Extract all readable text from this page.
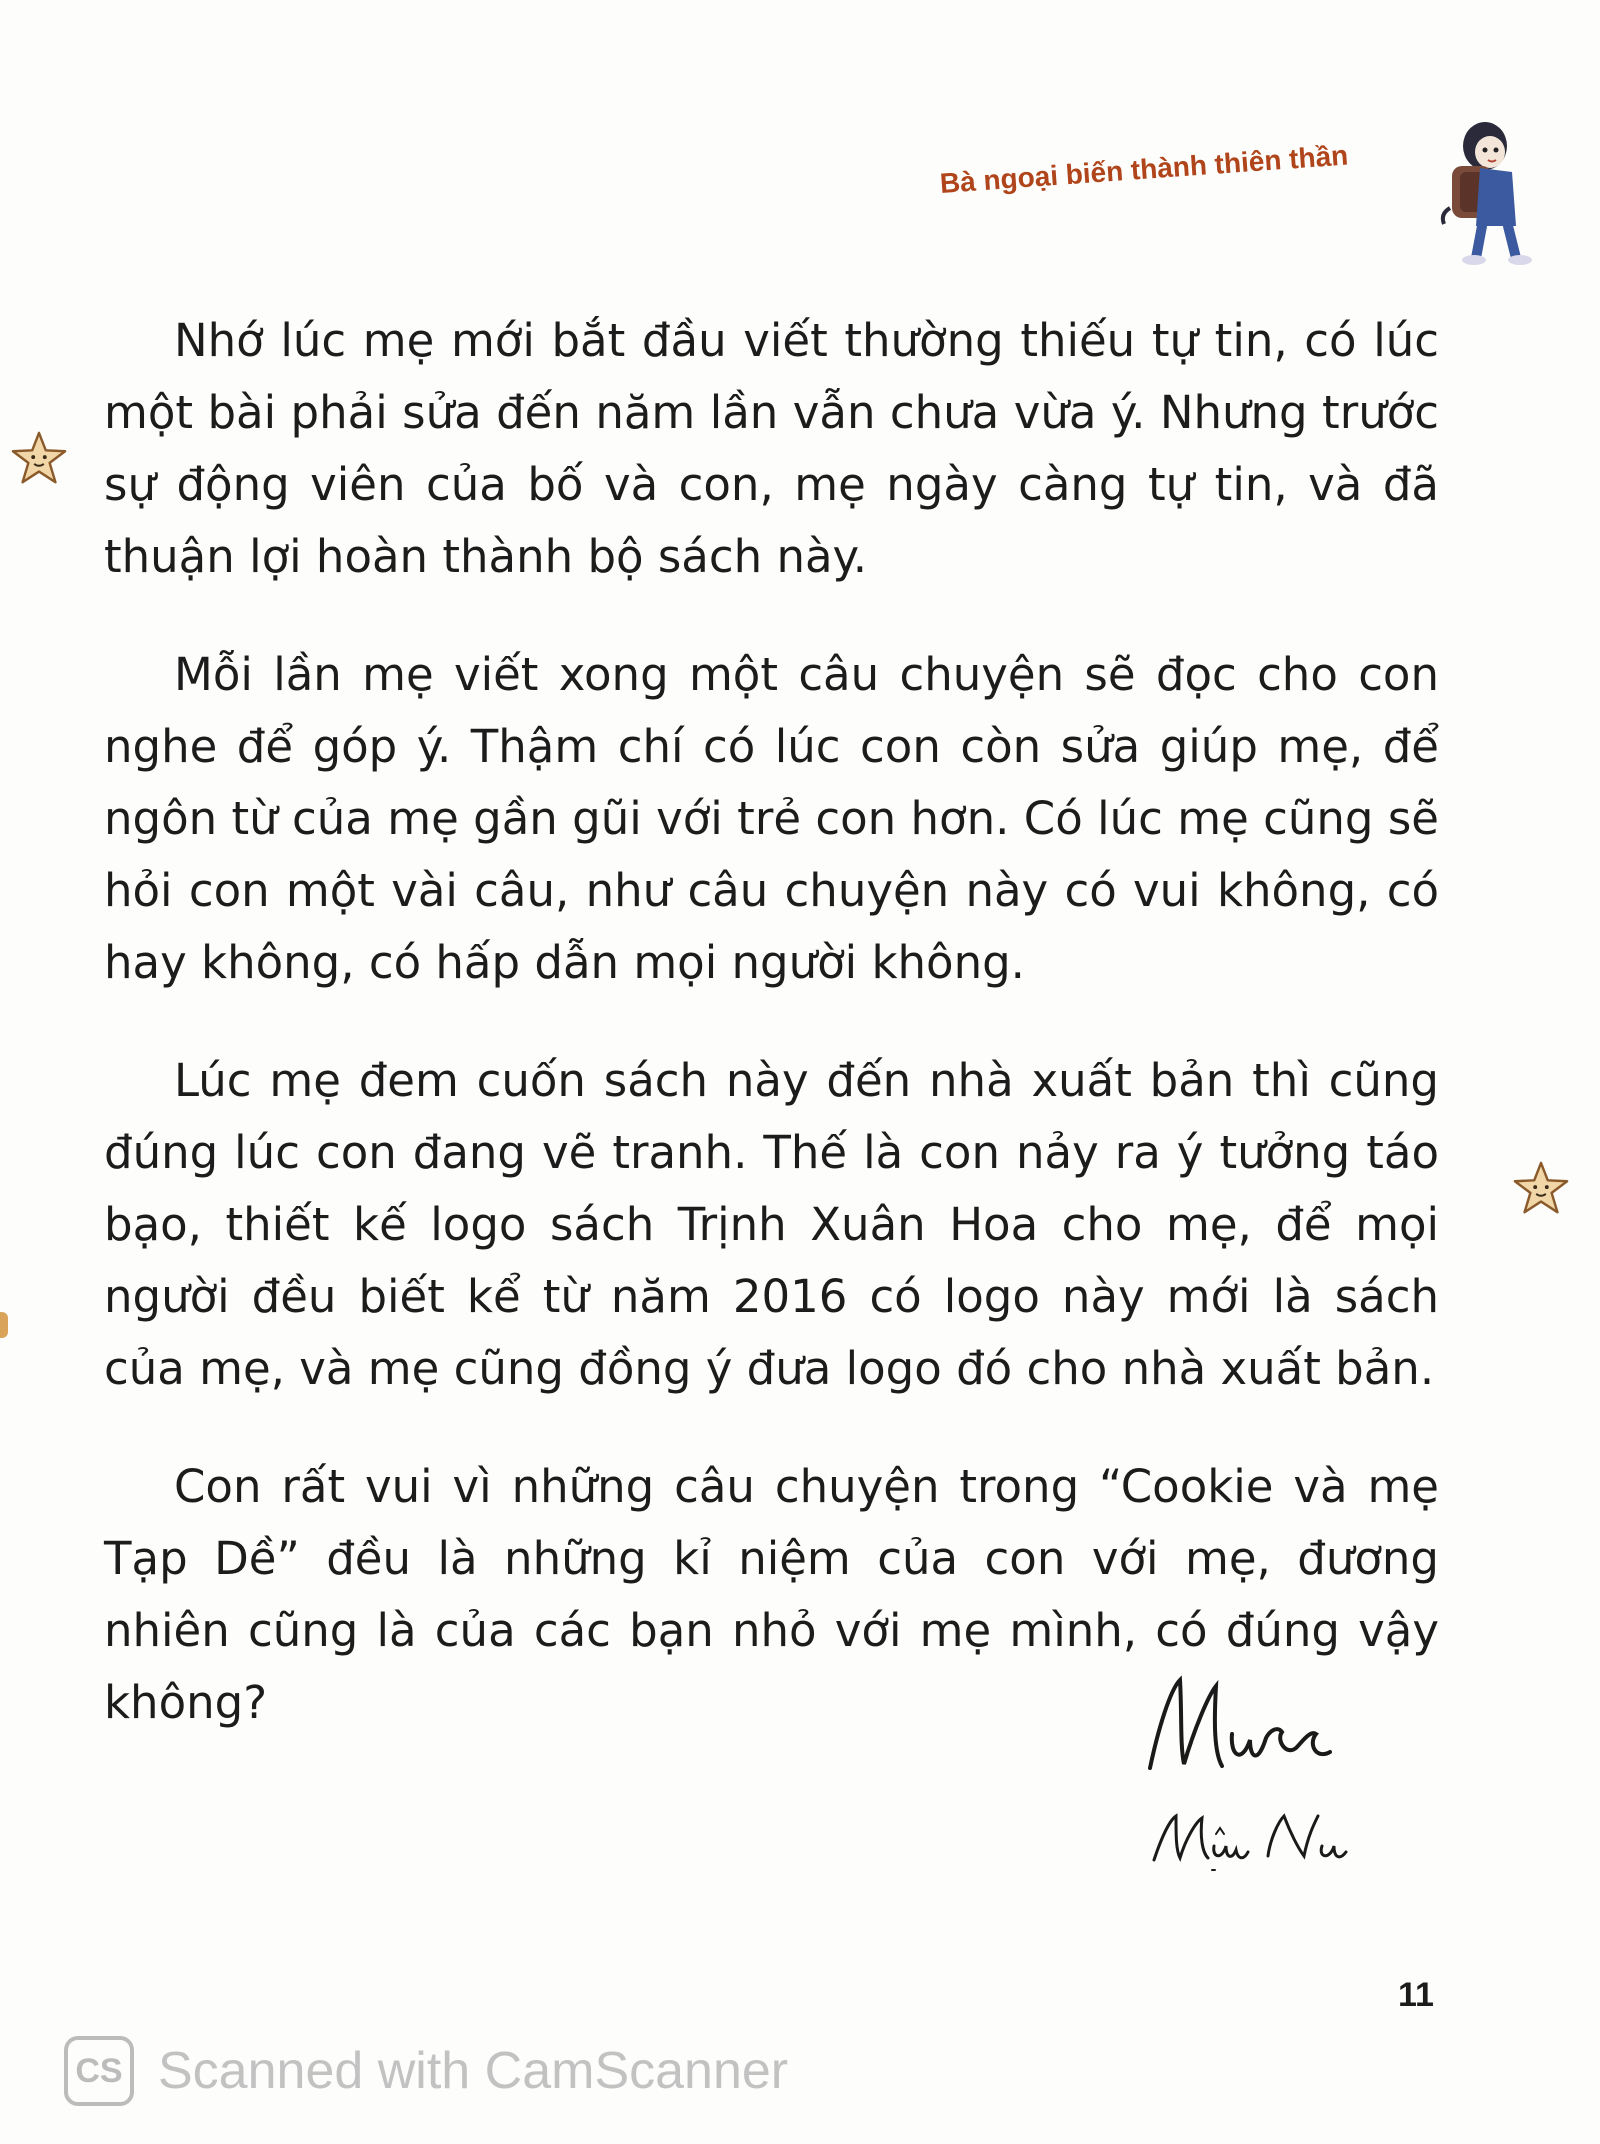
Bà ngoại biến thành thiên thần

Nhớ lúc mẹ mới bắt đầu viết thường thiếu tự tin, có lúc một bài phải sửa đến năm lần vẫn chưa vừa ý. Nhưng trước sự động viên của bố và con, mẹ ngày càng tự tin, và đã thuận lợi hoàn thành bộ sách này.

Mỗi lần mẹ viết xong một câu chuyện sẽ đọc cho con nghe để góp ý. Thậm chí có lúc con còn sửa giúp mẹ, để ngôn từ của mẹ gần gũi với trẻ con hơn. Có lúc mẹ cũng sẽ hỏi con một vài câu, như câu chuyện này có vui không, có hay không, có hấp dẫn mọi người không.

Lúc mẹ đem cuốn sách này đến nhà xuất bản thì cũng đúng lúc con đang vẽ tranh. Thế là con nảy ra ý tưởng táo bạo, thiết kế logo sách Trịnh Xuân Hoa cho mẹ, để mọi người đều biết kể từ năm 2016 có logo này mới là sách của mẹ, và mẹ cũng đồng ý đưa logo đó cho nhà xuất bản.

Con rất vui vì những câu chuyện trong “Cookie và mẹ Tạp Dề” đều là những kỉ niệm của con với mẹ, đương nhiên cũng là của các bạn nhỏ với mẹ mình, có đúng vậy không?

11
CS Scanned with CamScanner
